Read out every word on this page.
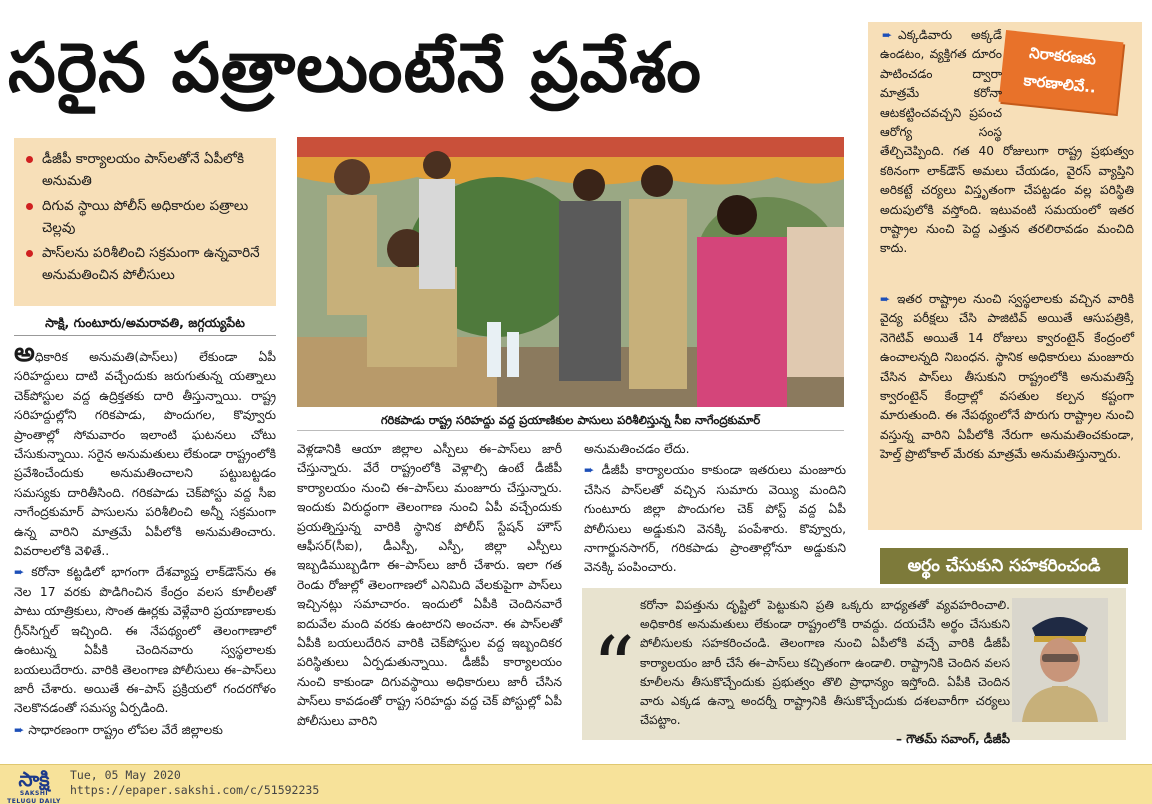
సరైన పత్రాలుంటేనే ప్రవేశం
డీజీపీ కార్యాలయం పాస్‌లతోనే ఏపీలోకి అనుమతి
దిగువ స్థాయి పోలీస్‌ అధికారుల పత్రాలు చెల్లవు
పాస్‌లను పరిశీలించి సక్రమంగా ఉన్నవారినే అనుమతించిన పోలీసులు
సాక్షి, గుంటూరు/అమరావతి, జగ్గయ్యపేట

అధికారిక అనుమతి(పాస్‌లు) లేకుండా ఏపీ సరిహద్దులు దాటి వచ్చేందుకు జరుగుతున్న యత్నాలు చెక్‌పోస్టుల వద్ద ఉద్రిక్తతకు దారి తీస్తున్నాయి. రాష్ట్ర సరిహద్దుల్లోని గరికపాడు, పొందుగల, కొవ్వూరు ప్రాంతాల్లో సోమవారం ఇలాంటి ఘటనలు చోటు చేసుకున్నాయి. సరైన అనుమతులు లేకుండా రాష్ట్రంలోకి ప్రవేశించేందుకు అనుమతించాలని పట్టుబట్టడం సమస్యకు దారితీసింది. గరికపాడు చెక్‌పోస్టు వద్ద సీఐ నాగేంద్రకుమార్‌ పాసులను పరిశీలించి అన్నీ సక్రమంగా ఉన్న వారిని మాత్రమే ఏపీలోకి అనుమతించారు. వివరాలలోకి వెళితే..

➨ కరోనా కట్టడిలో భాగంగా దేశవ్యాప్త లాక్‌డౌన్‌ను ఈ నెల 17 వరకు పొడిగించిన కేంద్రం వలస కూలీలతో పాటు యాత్రికులు, సొంత ఊర్లకు వెళ్లేవారి ప్రయాణాలకు గ్రీన్‌సిగ్నల్‌ ఇచ్చింది. ఈ నేపథ్యంలో తెలంగాణాలో ఉంటున్న ఏపీకి చెందినవారు స్వస్థలాలకు బయలుదేరారు. వారికి తెలంగాణ పోలీసులు ఈ–పాస్‌లు జారీ చేశారు. అయితే ఈ–పాస్‌ ప్రక్రియలో గందరగోళం నెలకొనడంతో సమస్య ఏర్పడింది.

➨ సాధారణంగా రాష్ట్రం లోపల వేరే జిల్లాలకు

గరికపాడు రాష్ట్ర సరిహద్దు వద్ద ప్రయాణికుల పాసులు పరిశీలిస్తున్న సీఐ నాగేంద్రకుమార్‌

వెళ్లడానికి ఆయా జిల్లాల ఎస్పీలు ఈ–పాస్‌లు జారీ చేస్తున్నారు. వేరే రాష్ట్రంలోకి వెళ్లాల్సి ఉంటే డీజీపీ కార్యాలయం నుంచి ఈ–పాస్‌లు మంజూరు చేస్తున్నారు. ఇందుకు విరుద్ధంగా తెలంగాణ నుంచి ఏపీ వచ్చేందుకు ప్రయత్నిస్తున్న వారికి స్థానిక పోలీస్‌ స్టేషన్‌ హౌస్‌ ఆఫీసర్‌(సీఐ), డీఎస్పీ, ఎస్పీ, జిల్లా ఎస్పీలు ఇబ్బడిముబ్బడిగా ఈ–పాస్‌లు జారీ చేశారు. ఇలా గత రెండు రోజుల్లో తెలంగాణలో ఎనిమిది వేలకుపైగా పాస్‌లు ఇచ్చినట్లు సమాచారం. ఇందులో ఏపీకి చెందినవారే ఐదువేల మంది వరకు ఉంటారని అంచనా. ఈ పాస్‌లతో ఏపీకి బయలుదేరిన వారికి చెక్‌పోస్టుల వద్ద ఇబ్బందికర పరిస్థితులు ఏర్పడుతున్నాయి. డీజీపీ కార్యాలయం నుంచి కాకుండా దిగువస్థాయి అధికారులు జారీ చేసిన పాస్‌లు కావడంతో రాష్ట్ర సరిహద్దు వద్ద చెక్‌ పోస్టుల్లో ఏపీ పోలీసులు వారిని

అనుమతించడం లేదు.

➨ డీజీపీ కార్యాలయం కాకుండా ఇతరులు మంజూరు చేసిన పాస్‌లతో వచ్చిన సుమారు వెయ్యి మందిని గుంటూరు జిల్లా పొందుగల చెక్‌ పోస్ట్‌ వద్ద ఏపీ పోలీసులు అడ్డుకుని వెనక్కి పంపేశారు. కొవ్వూరు, నాగార్జునసాగర్‌, గరికపాడు ప్రాంతాల్లోనూ అడ్డుకుని వెనక్కి పంపించారు.

నిరాకరణకు
కారణాలివే..
➨ ఎక్కడివారు అక్కడే ఉండటం, వ్యక్తిగత దూరం పాటించడం ద్వారా మాత్రమే కరోనా ఆటకట్టించవచ్చని ప్రపంచ ఆరోగ్య సంస్థ తేల్చిచెప్పింది. గత 40 రోజులుగా రాష్ట్ర ప్రభుత్వం కఠినంగా లాక్‌డౌన్‌ అమలు చేయడం, వైరస్‌ వ్యాప్తిని అరికట్టే చర్యలు విస్తృతంగా చేపట్టడం వల్ల పరిస్థితి అదుపులోకి వస్తోంది. ఇటువంటి సమయంలో ఇతర రాష్ట్రాల నుంచి పెద్ద ఎత్తున తరలిరావడం మంచిది కాదు.
➨ ఇతర రాష్ట్రాల నుంచి స్వస్థలాలకు వచ్చిన వారికి వైద్య పరీక్షలు చేసి పాజిటివ్‌ అయితే ఆసుపత్రికి, నెగెటివ్‌ అయితే 14 రోజులు క్వారంటైన్‌ కేంద్రంలో ఉంచాలన్నది నిబంధన. స్థానిక అధికారులు మంజూరు చేసిన పాస్‌లు తీసుకుని రాష్ట్రంలోకి అనుమతిస్తే క్వారంటైన్‌ కేంద్రాల్లో వసతుల కల్పన కష్టంగా మారుతుంది. ఈ నేపథ్యంలోనే పొరుగు రాష్ట్రాల నుంచి వస్తున్న వారిని ఏపీలోకి నేరుగా అనుమతించకుండా, హెల్త్‌ ప్రొటోకాల్‌ మేరకు మాత్రమే అనుమతిస్తున్నారు.
అర్థం చేసుకుని సహకరించండి
“
కరోనా విపత్తును దృష్టిలో పెట్టుకుని ప్రతి ఒక్కరు బాధ్యతతో వ్యవహరించాలి. అధికారిక అనుమతులు లేకుండా రాష్ట్రంలోకి రావద్దు. దయచేసి అర్థం చేసుకుని పోలీసులకు సహకరించండి. తెలంగాణ నుంచి ఏపీలోకి వచ్చే వారికి డీజీపీ కార్యాలయం జారీ చేసే ఈ–పాస్‌లు కచ్చితంగా ఉండాలి. రాష్ట్రానికి చెందిన వలస కూలీలను తీసుకొచ్చేందుకు ప్రభుత్వం తొలి ప్రాధాన్యం ఇస్తోంది. ఏపీకి చెందిన వారు ఎక్కడ ఉన్నా అందర్నీ రాష్ట్రానికి తీసుకొచ్చేందుకు దశలవారీగా చర్యలు చేపట్టాం.
– గౌతమ్‌ సవాంగ్‌, డీజీపీ
సాక్షి
SAKSHI TELUGU DAILY
Tue, 05 May 2020
https://epaper.sakshi.com/c/51592235
